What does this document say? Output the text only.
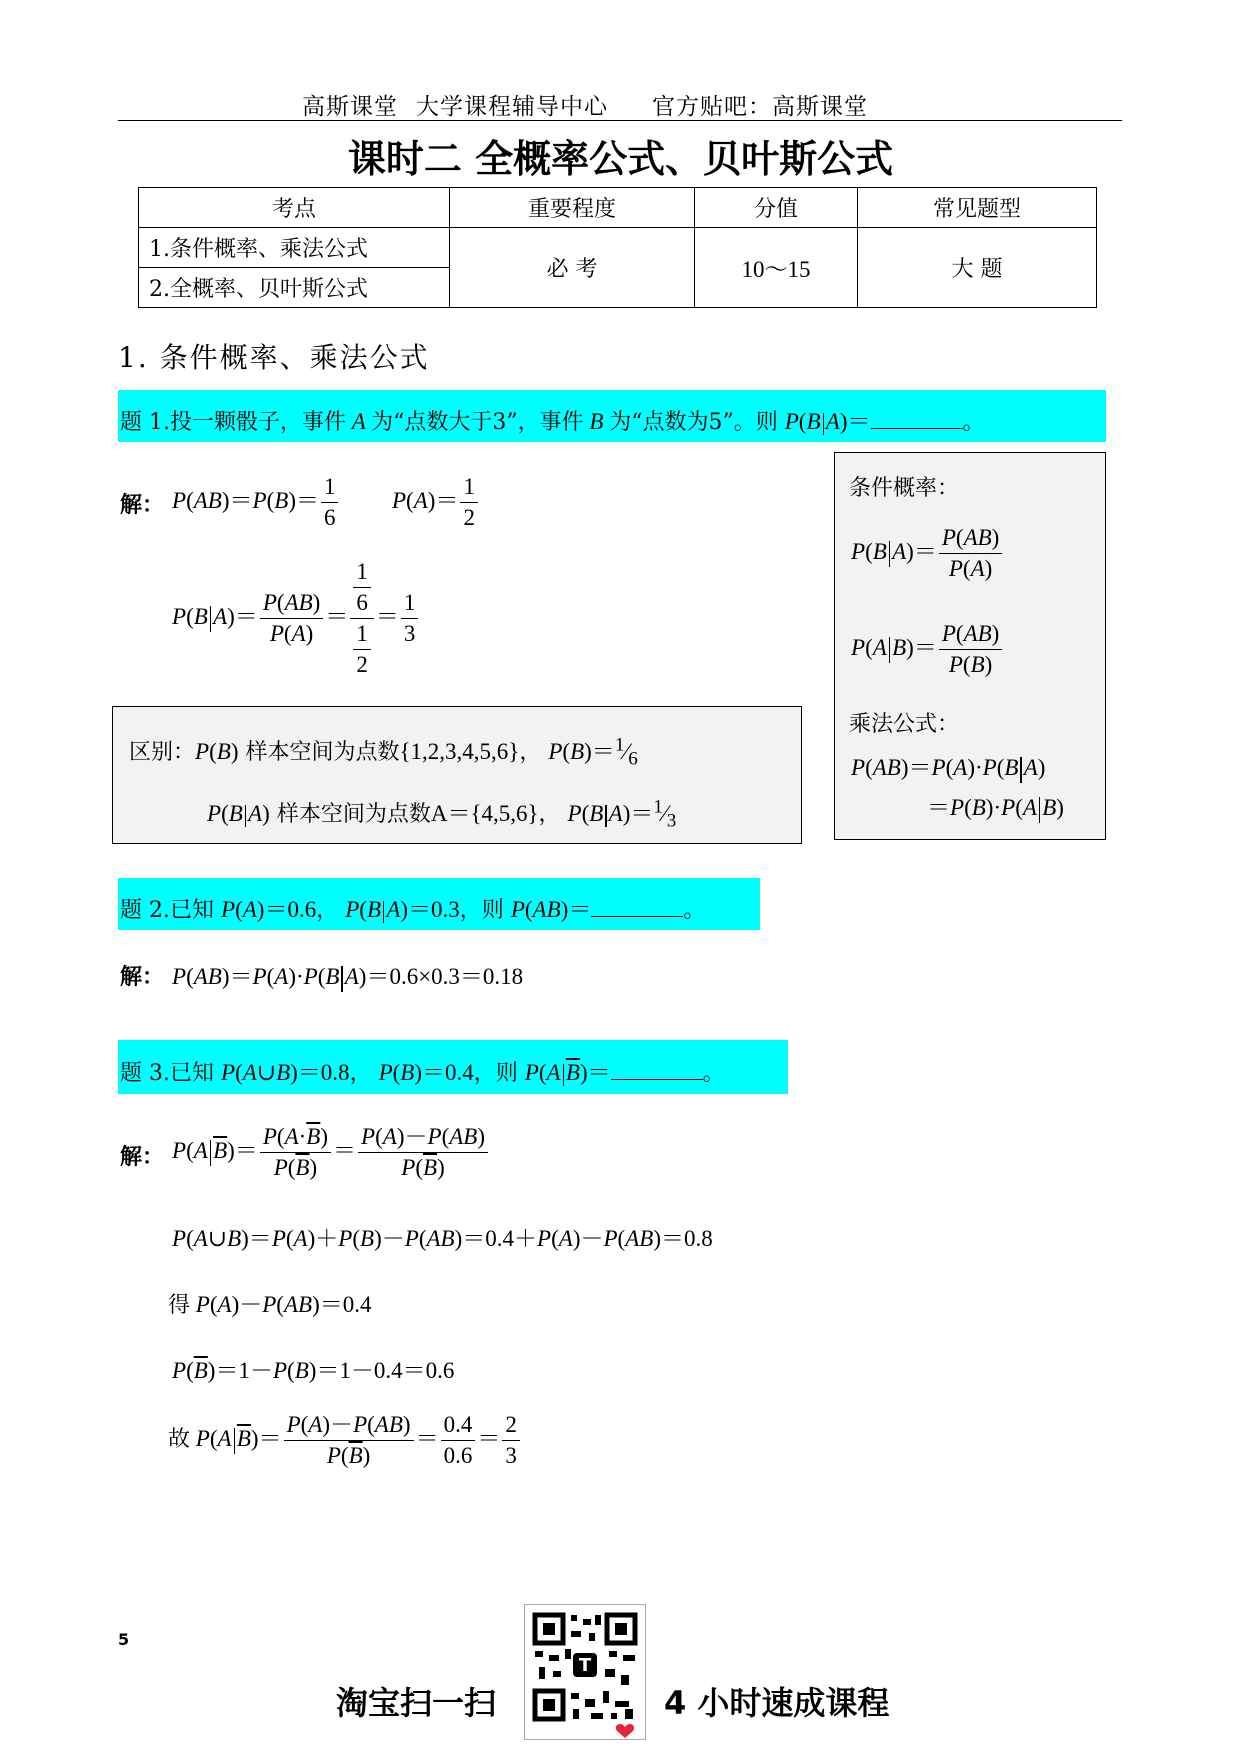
高斯课堂 大学课程辅导中心 官方贴吧：高斯课堂
课时二 全概率公式、贝叶斯公式
考点	重要程度	分值	常见题型
1.条件概率、乘法公式	必 考	10～15	大 题
2.全概率、贝叶斯公式			
1. 条件概率、乘法公式
题 1.投一颗骰子，事件 A 为“点数大于3”，事件 B 为“点数为5”。则 P(B A)＝	。
解： $P(AB)=P(B)= \frac{1}{6} P(A)= \frac{1}{2}$
P(B $A)= \frac{P(AB)}{P(A)} = \frac{\frac{1}{6}}{\frac{1}{2}} = \frac{1}{3}$
条件概率：
P(B $A)= \frac{P(AB)}{P(A)}$
P(A $B)= \frac{P(AB)}{P(B)}$
乘法公式：
P(AB)＝P(A)·P(B A)
＝P(B)·P(A B)
区别：P(B) 样本空间为点数{1,2,3,4,5,6}， $P(B)=^1⁄_6$
P(B A) 样本空间为点数A＝{4,5,6}， P(B $A)=^1⁄_3$
题 2.已知 P(A)＝0.6， P(B A)＝0.3，则 P(AB)＝	。
解： P(AB)＝P(A)·P(B A)＝0.6×0.3＝0.18
题 3.已知 P(A∪B)＝0.8， P(B)＝0.4，则 P(A $\overline{B})=$	。
解： P(A $\overline{B})= \frac{P(A\cdot\overline{B})}{P(\overline{B})} = \frac{P(A)-P(AB)}{P(\overline{B})}$
P(A∪B)＝P(A)＋P(B)－P(AB)＝0.4＋P(A)－P(AB)＝0.8
得 P(A)－P(AB)＝0.4
$P(\overline{B})=1-P(B)=1-0.4=0.6$
故 P(A $\overline{B})= \frac{P(A)-P(AB)}{P(\overline{B})} = \frac{0.4}{0.6} = \frac{2}{3}$
5
淘宝扫一扫
T
4 小时速成课程
